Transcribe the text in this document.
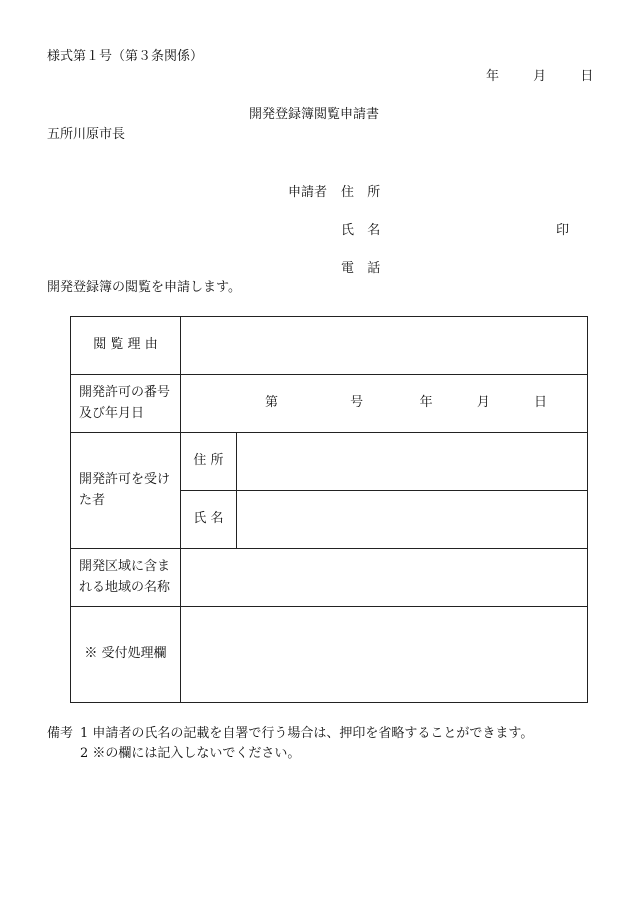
様式第１号（第３条関係）
年	月	日
開発登録簿閲覧申請書
五所川原市長
申請者 住 所
氏 名	印
電 話
開発登録簿の閲覧を申請します。
閲 覧 理 由		
開発許可の番号及び年月日	第 号 年 月 日	

開発許可を受けた者	住 所	
	氏 名	
開発区域に含まれる地域の名称		
※ 受付処理欄		
備考 1 申請者の氏名の記載を自署で行う場合は、押印を省略することができます。
2 ※の欄には記入しないでください。
